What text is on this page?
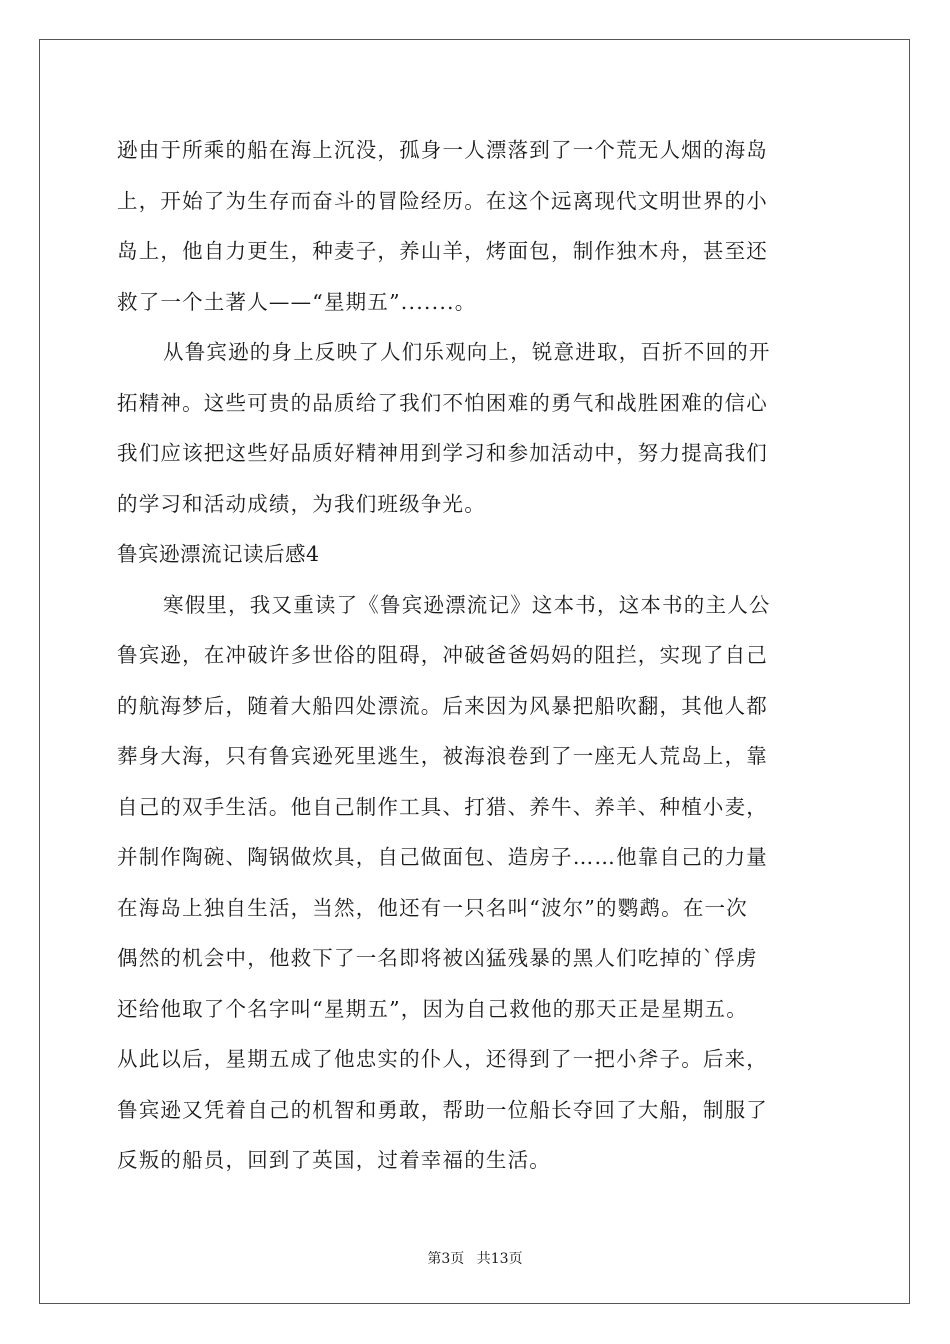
逊由于所乘的船在海上沉没，孤身一人漂落到了一个荒无人烟的海岛
上，开始了为生存而奋斗的冒险经历。在这个远离现代文明世界的小
岛上，他自力更生，种麦子，养山羊，烤面包，制作独木舟，甚至还
救了一个土著人——“星期五”.......。
从鲁宾逊的身上反映了人们乐观向上，锐意进取，百折不回的开
拓精神。这些可贵的品质给了我们不怕困难的勇气和战胜困难的信心
我们应该把这些好品质好精神用到学习和参加活动中，努力提高我们
的学习和活动成绩，为我们班级争光。
鲁宾逊漂流记读后感4
寒假里，我又重读了《鲁宾逊漂流记》这本书，这本书的主人公
鲁宾逊，在冲破许多世俗的阻碍，冲破爸爸妈妈的阻拦，实现了自己
的航海梦后，随着大船四处漂流。后来因为风暴把船吹翻，其他人都
葬身大海，只有鲁宾逊死里逃生，被海浪卷到了一座无人荒岛上，靠
自己的双手生活。他自己制作工具、打猎、养牛、养羊、种植小麦，
并制作陶碗、陶锅做炊具，自己做面包、造房子……他靠自己的力量
在海岛上独自生活，当然，他还有一只名叫“波尔”的鹦鹉。在一次
偶然的机会中，他救下了一名即将被凶猛残暴的黑人们吃掉的`俘虏
还给他取了个名字叫“星期五”，因为自己救他的那天正是星期五。
从此以后，星期五成了他忠实的仆人，还得到了一把小斧子。后来，
鲁宾逊又凭着自己的机智和勇敢，帮助一位船长夺回了大船，制服了
反叛的船员，回到了英国，过着幸福的生活。
第3页 共13页
